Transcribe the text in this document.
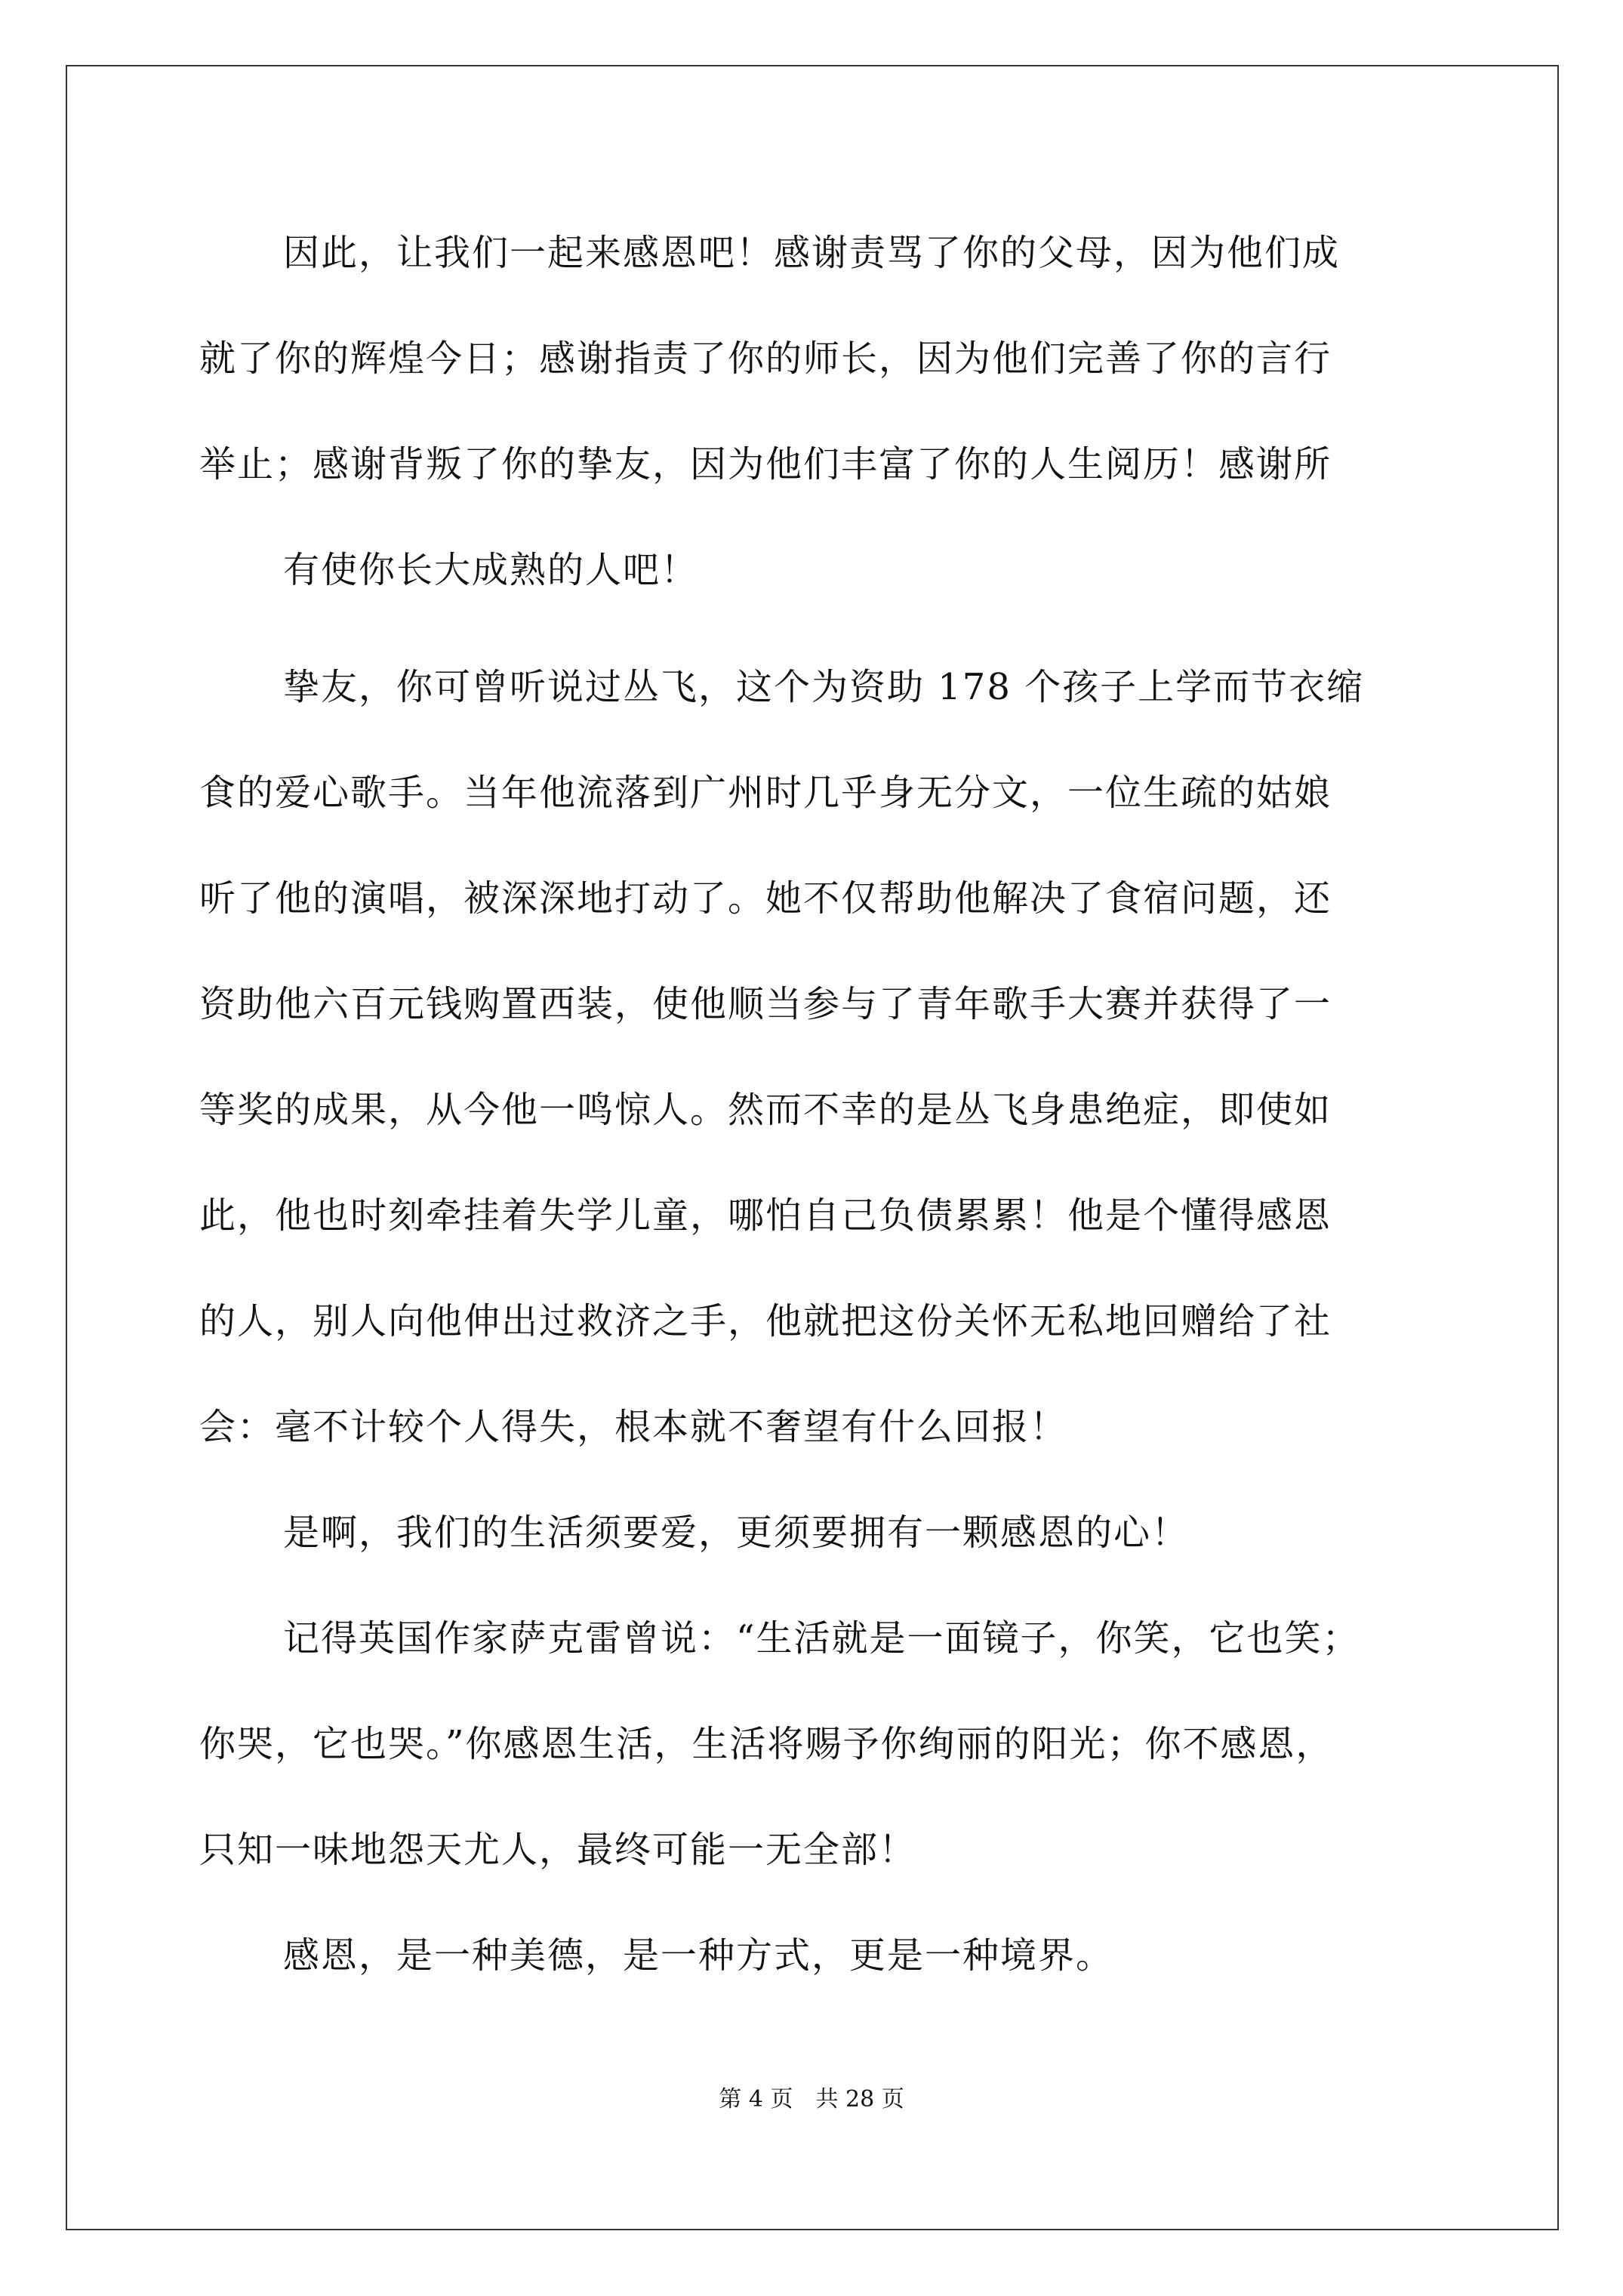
因此，让我们一起来感恩吧！感谢责骂了你的父母，因为他们成
就了你的辉煌今日；感谢指责了你的师长，因为他们完善了你的言行
举止；感谢背叛了你的挚友，因为他们丰富了你的人生阅历！感谢所
有使你长大成熟的人吧！
挚友，你可曾听说过丛飞，这个为资助 178 个孩子上学而节衣缩
食的爱心歌手。当年他流落到广州时几乎身无分文，一位生疏的姑娘
听了他的演唱，被深深地打动了。她不仅帮助他解决了食宿问题，还
资助他六百元钱购置西装，使他顺当参与了青年歌手大赛并获得了一
等奖的成果，从今他一鸣惊人。然而不幸的是丛飞身患绝症，即使如
此，他也时刻牵挂着失学儿童，哪怕自己负债累累！他是个懂得感恩
的人，别人向他伸出过救济之手，他就把这份关怀无私地回赠给了社
会：毫不计较个人得失，根本就不奢望有什么回报！
是啊，我们的生活须要爱，更须要拥有一颗感恩的心！
记得英国作家萨克雷曾说：“生活就是一面镜子，你笑，它也笑；
你哭，它也哭。”你感恩生活，生活将赐予你绚丽的阳光；你不感恩，
只知一味地怨天尤人，最终可能一无全部！
感恩，是一种美德，是一种方式，更是一种境界。
第 4 页　共 28 页
